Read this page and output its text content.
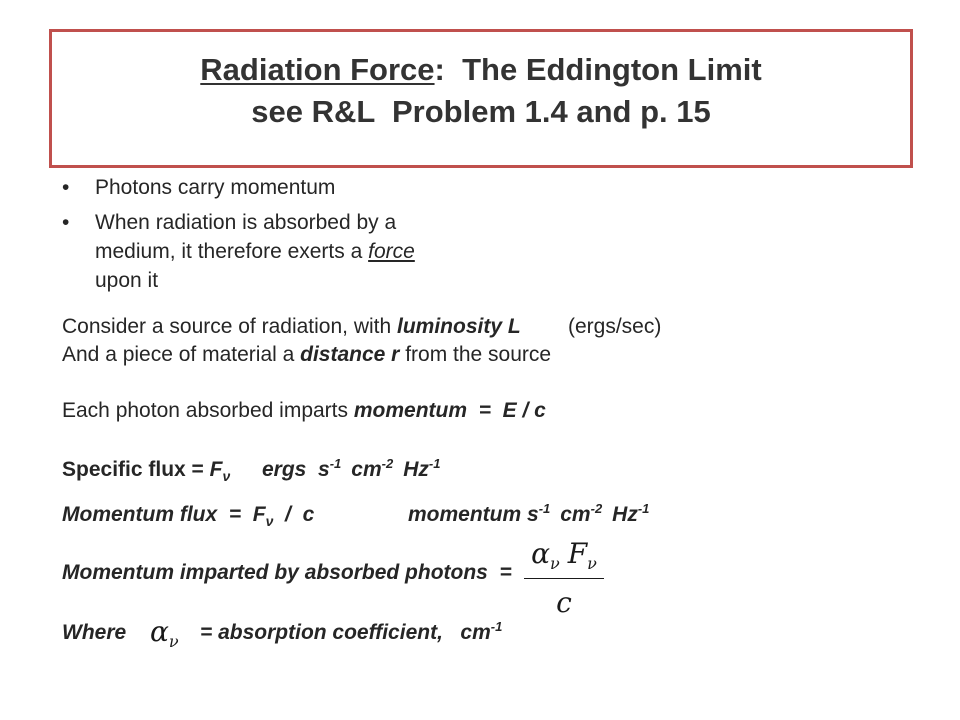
Radiation Force :  The Eddington Limit
see R&L  Problem 1.4 and p. 15
• Photons carry momentum
• When radiation is absorbed by a
medium, it therefore exerts a force
upon it
Consider a source of radiation, with luminosity L (ergs/sec)
And a piece of material a distance r from the source
Each photon absorbed imparts momentum  =  E / c
Specific flux = $F_\nu$ ergs  $s^{-1}$ $cm^{-2}$ $Hz^{-1}$
Momentum flux  = $F_\nu$ /  c	momentum $s^{-1}$ $cm^{-2}$ $Hz^{-1}$
Momentum imparted by absorbed photons  =
$\alpha_\nu$ $F_\nu$
c
Where $\alpha_\nu$ = absorption coefficient,   $cm^{-1}$
